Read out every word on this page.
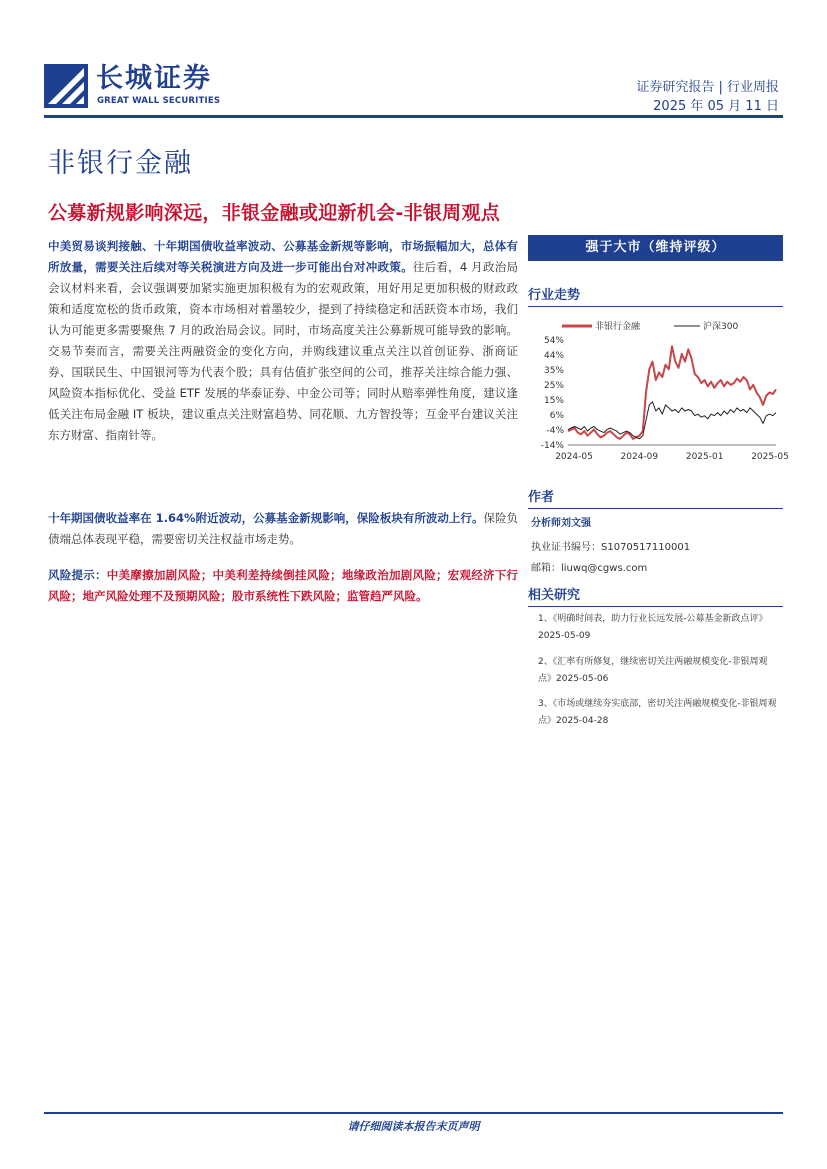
长城证券
GREAT WALL SECURITIES
证券研究报告 | 行业周报
2025 年 05 月 11 日
非银行金融
公募新规影响深远，非银金融或迎新机会-非银周观点
中美贸易谈判接触、十年期国债收益率波动、公募基金新规等影响，市场振幅加大，总体有所放量，需要关注后续对等关税演进方向及进一步可能出台对冲政策。往后看，4 月政治局会议材料来看，会议强调要加紧实施更加积极有为的宏观政策，用好用足更加积极的财政政策和适度宽松的货币政策，资本市场相对着墨较少，提到了持续稳定和活跃资本市场，我们认为可能更多需要聚焦 7 月的政治局会议。同时，市场高度关注公募新规可能导致的影响。交易节奏而言，需要关注两融资金的变化方向，并购线建议重点关注以首创证券、浙商证券、国联民生、中国银河等为代表个股；具有估值扩张空间的公司，推荐关注综合能力强、风险资本指标优化、受益 ETF 发展的华泰证券、中金公司等；同时从赔率弹性角度，建议逢低关注布局金融 IT 板块，建议重点关注财富趋势、同花顺、九方智投等；互金平台建议关注东方财富、指南针等。
十年期国债收益率在 1.64%附近波动，公募基金新规影响，保险板块有所波动上行。保险负债端总体表现平稳，需要密切关注权益市场走势。
风险提示：中美摩擦加剧风险；中美利差持续倒挂风险；地缘政治加剧风险；宏观经济下行风险；地产风险处理不及预期风险；股市系统性下跌风险；监管趋严风险。
强于大市（维持评级）
行业走势
非银行金融	沪深300
54%
44%
35%
25%
15%
6%
-4%
-14%
2024-05	2024-09	2025-01	2025-05
作者
分析师刘文强
执业证书编号：S1070517110001
邮箱：liuwq@cgws.com
相关研究
1、《明确时间表，助力行业长远发展-公募基金新政点评》2025-05-09
2、《汇率有所修复，继续密切关注两融规模变化-非银周观点》2025-05-06
3、《市场或继续夯实底部，密切关注两融规模变化-非银周观点》2025-04-28
请仔细阅读本报告末页声明
